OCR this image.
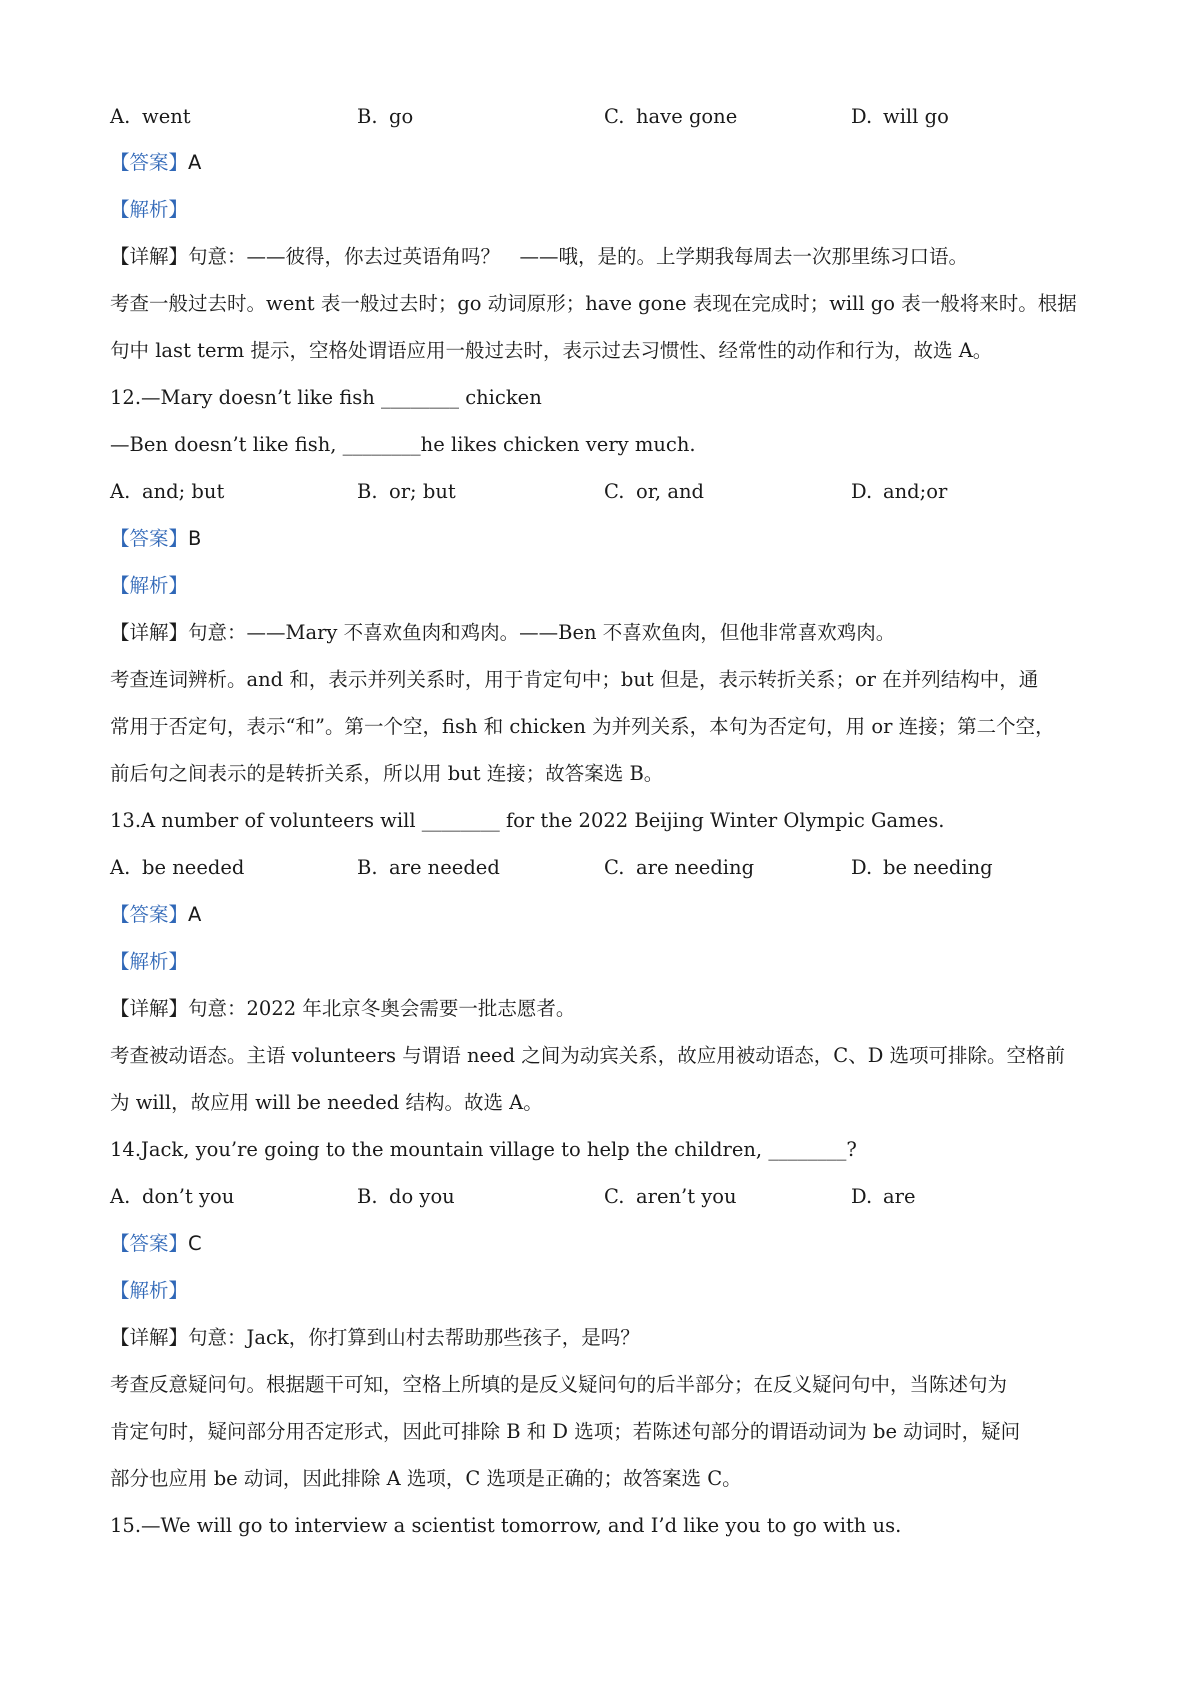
A. went	B. go	C. have gone	D. will go
【答案】A
【解析】
【详解】句意：——彼得，你去过英语角吗？　——哦，是的。上学期我每周去一次那里练习口语。
考查一般过去时。went 表一般过去时；go 动词原形；have gone 表现在完成时；will go 表一般将来时。根据
句中 last term 提示，空格处谓语应用一般过去时，表示过去习惯性、经常性的动作和行为，故选 A。
12.—Mary doesn’t like fish ________ chicken
—Ben doesn’t like fish, ________he likes chicken very much.
A. and; but	B. or; but	C. or, and	D. and;or
【答案】B
【解析】
【详解】句意：——Mary 不喜欢鱼肉和鸡肉。——Ben 不喜欢鱼肉，但他非常喜欢鸡肉。
考查连词辨析。and 和，表示并列关系时，用于肯定句中；but 但是，表示转折关系；or 在并列结构中，通
常用于否定句，表示“和”。第一个空，fish 和 chicken 为并列关系，本句为否定句，用 or 连接；第二个空，
前后句之间表示的是转折关系，所以用 but 连接；故答案选 B。
13.A number of volunteers will ________ for the 2022 Beijing Winter Olympic Games.
A. be needed	B. are needed	C. are needing	D. be needing
【答案】A
【解析】
【详解】句意：2022 年北京冬奥会需要一批志愿者。
考查被动语态。主语 volunteers 与谓语 need 之间为动宾关系，故应用被动语态，C、D 选项可排除。空格前
为 will，故应用 will be needed 结构。故选 A。
14.Jack, you’re going to the mountain village to help the children, ________?
A. don’t you	B. do you	C. aren’t you	D. are
【答案】C
【解析】
【详解】句意：Jack，你打算到山村去帮助那些孩子，是吗？
考查反意疑问句。根据题干可知，空格上所填的是反义疑问句的后半部分；在反义疑问句中，当陈述句为
肯定句时，疑问部分用否定形式，因此可排除 B 和 D 选项；若陈述句部分的谓语动词为 be 动词时，疑问
部分也应用 be 动词，因此排除 A 选项，C 选项是正确的；故答案选 C。
15.—We will go to interview a scientist tomorrow, and I’d like you to go with us.
